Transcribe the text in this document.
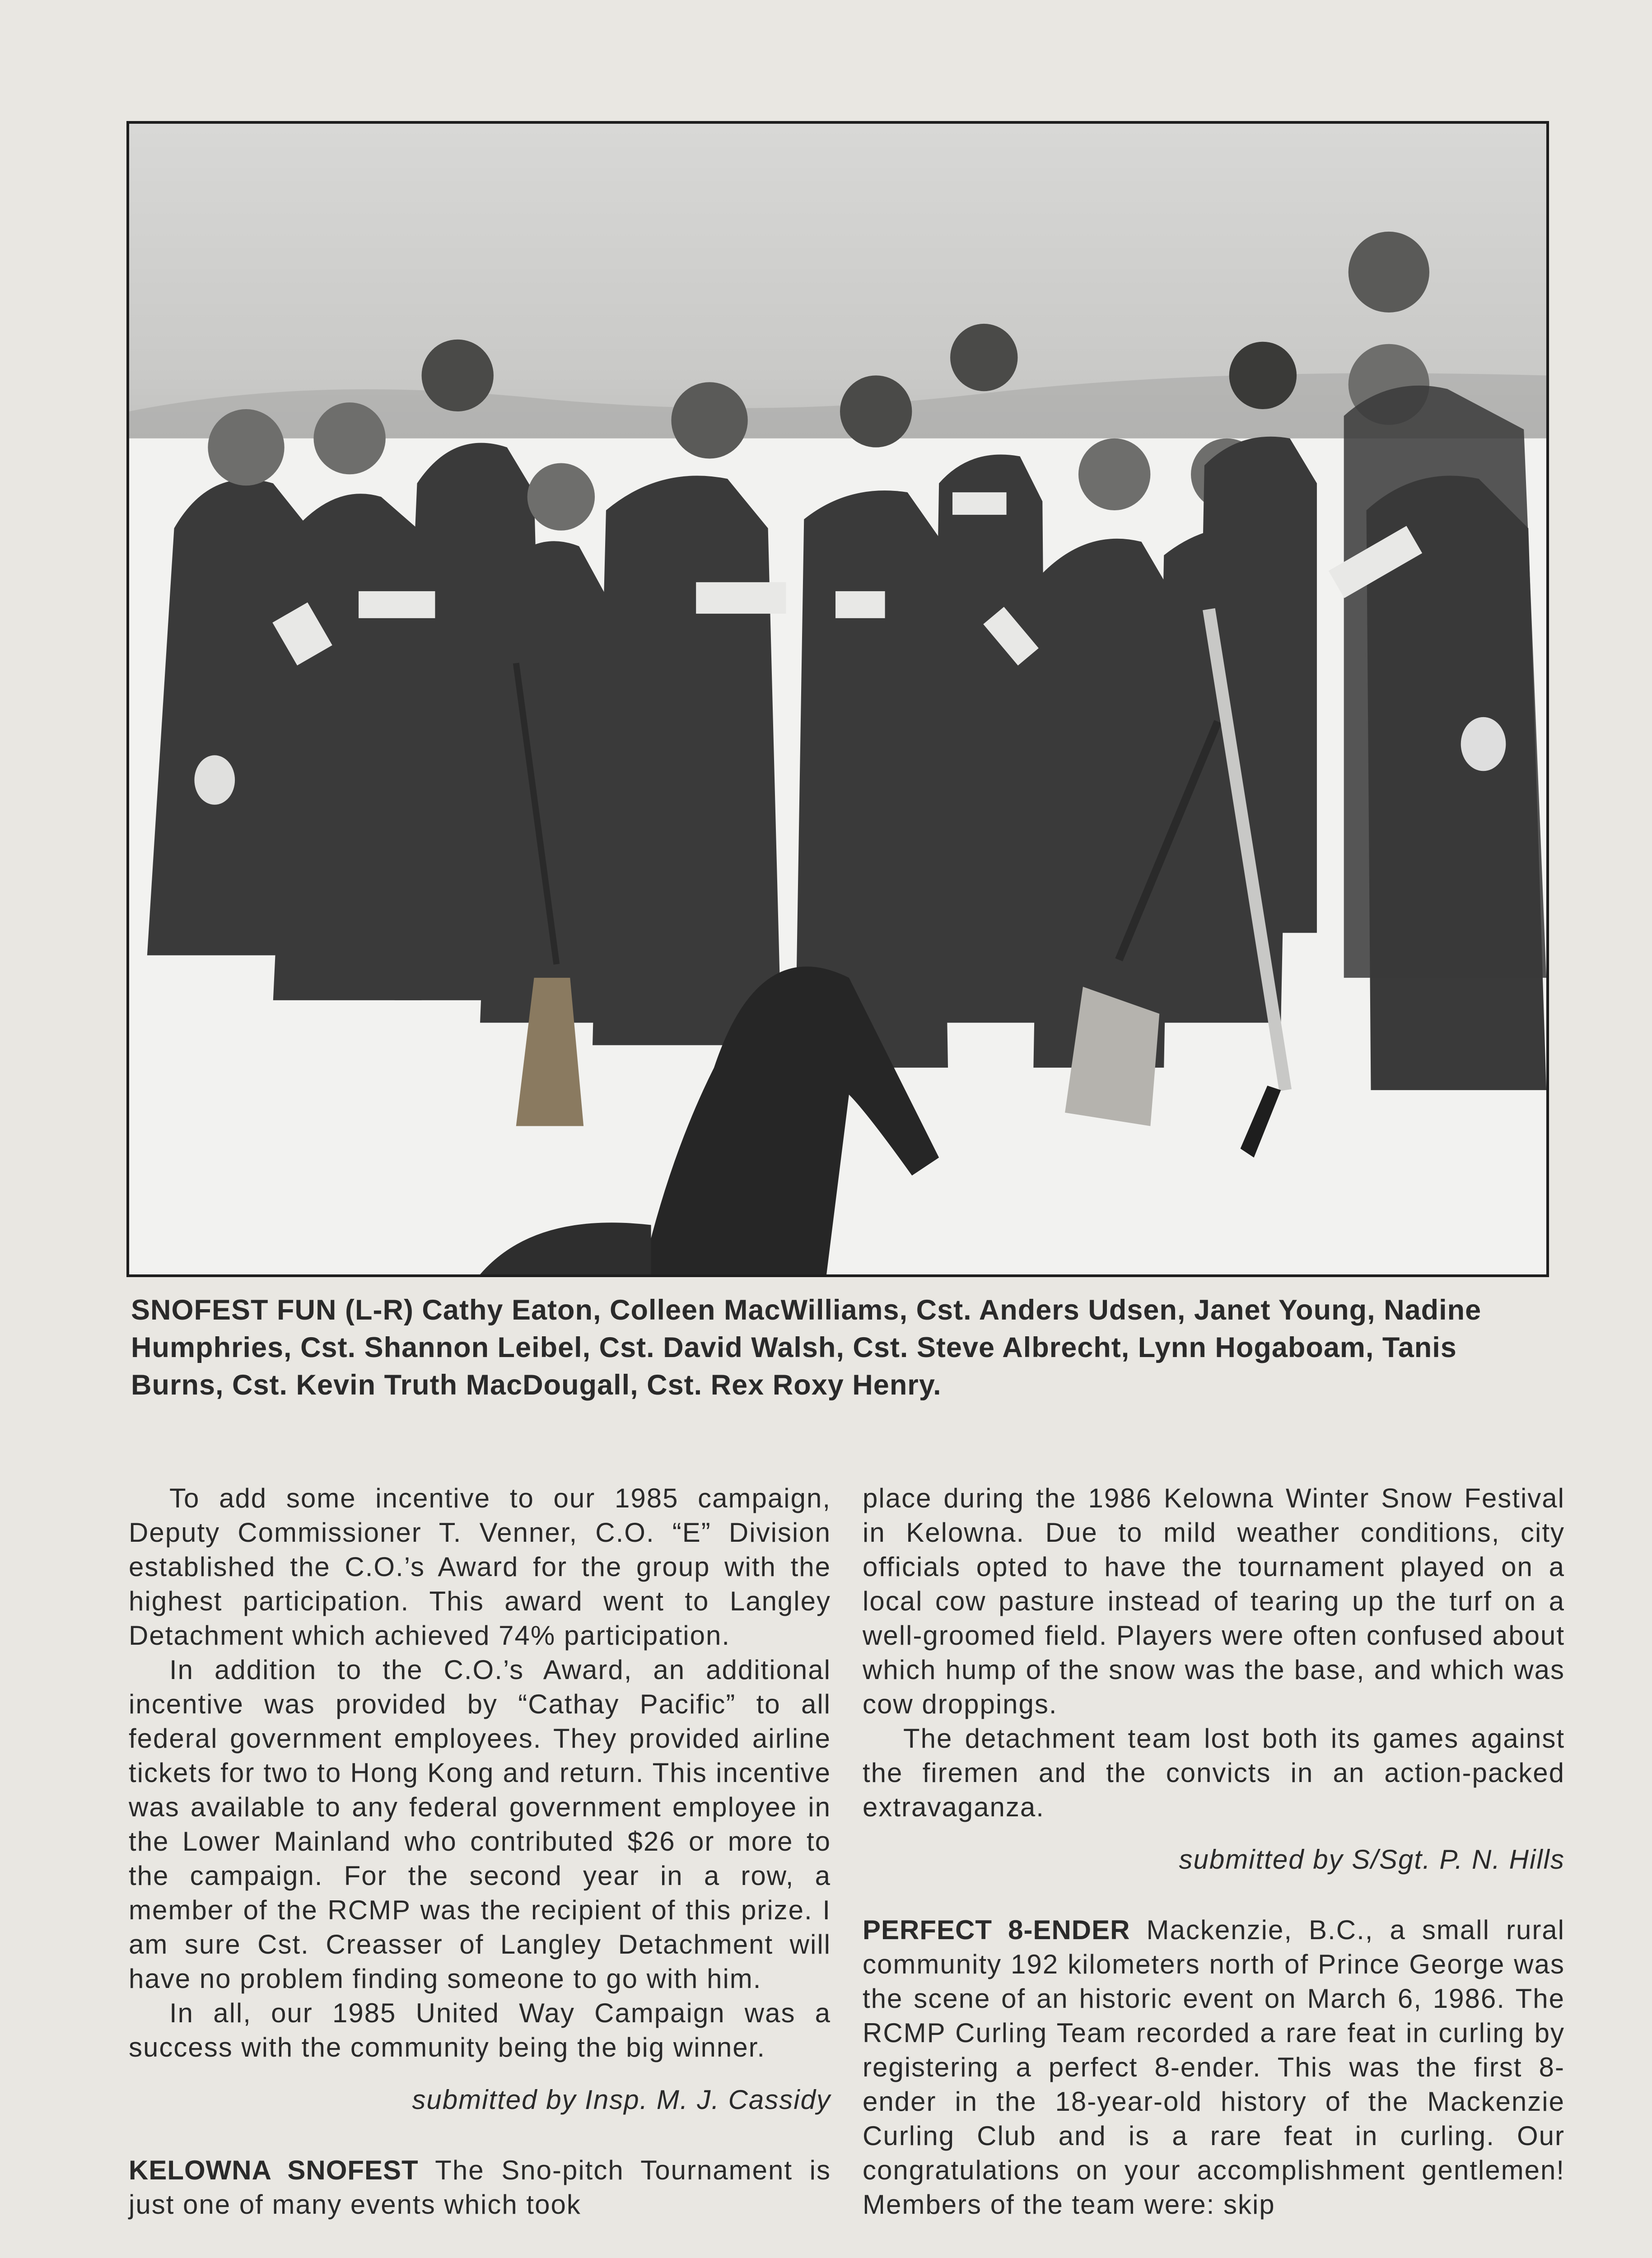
SNOFEST FUN (L-R) Cathy Eaton, Colleen MacWilliams, Cst. Anders Udsen, Janet Young, Nadine Humphries, Cst. Shannon Leibel, Cst. David Walsh, Cst. Steve Albrecht, Lynn Hogaboam, Tanis Burns, Cst. Kevin Truth MacDougall, Cst. Rex Roxy Henry.

To add some incentive to our 1985 campaign, Deputy Commissioner T. Venner, C.O. “E” Division established the C.O.’s Award for the group with the highest participation. This award went to Langley Detachment which achieved 74% participation.

In addition to the C.O.’s Award, an additional incentive was provided by “Cathay Pacific” to all federal government employees. They provided airline tickets for two to Hong Kong and return. This incentive was available to any federal government employee in the Lower Mainland who contributed $26 or more to the campaign. For the second year in a row, a member of the RCMP was the recipient of this prize. I am sure Cst. Creasser of Langley Detachment will have no problem finding someone to go with him.

In all, our 1985 United Way Campaign was a success with the community being the big winner.

submitted by Insp. M. J. Cassidy

KELOWNA SNOFEST The Sno-pitch Tournament is just one of many events which took

place during the 1986 Kelowna Winter Snow Festival in Kelowna. Due to mild weather conditions, city officials opted to have the tournament played on a local cow pasture instead of tearing up the turf on a well-groomed field. Players were often confused about which hump of the snow was the base, and which was cow droppings.

The detachment team lost both its games against the firemen and the convicts in an action-packed extravaganza.

submitted by S/Sgt. P. N. Hills

PERFECT 8-ENDER Mackenzie, B.C., a small rural community 192 kilometers north of Prince George was the scene of an historic event on March 6, 1986. The RCMP Curling Team recorded a rare feat in curling by registering a perfect 8-ender. This was the first 8-ender in the 18-year-old history of the Mackenzie Curling Club and is a rare feat in curling. Our congratulations on your accomplishment gentlemen! Members of the team were: skip
